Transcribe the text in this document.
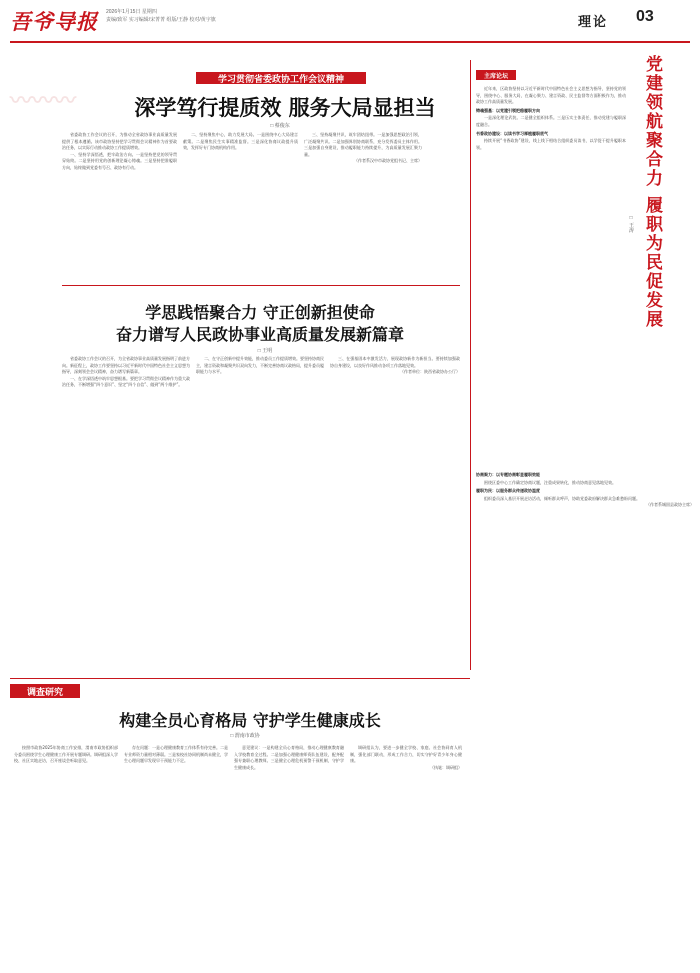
吾爷导报 2026年1月15日 星期四
责编/致军 实习编辑/宋菁菁 组版/王静 校对/黄宇旗	理论 03
学习贯彻省委政协工作会议精神
〰〰〰	深学笃行提质效 服务大局显担当
□ 蔡俊东

省委政协工作会议的召开，为推动全省政协事业高质量发展提供了根本遵循。该市政协坚持把学习贯彻会议精神作为首要政治任务，以实际行动推动政协工作提质增效。

一、坚持学深悟透，把牢政治方向。一是坚持把党的领导贯穿始终。二是坚持用党的创新理论凝心铸魂。三是坚持把准履职方向，始终做到党委有号召、政协有行动。

二、坚持聚焦中心，助力发展大局。一是围绕中心大局建言献策。二是聚焦民生实事精准监督。三是深化协商议政提升质效，发挥好专门协商机构作用。

三、坚持凝聚共识，筑牢团结纽带。一是加强思想政治引领，广泛凝聚共识。二是加强界别协商联系，充分发挥委员主体作用。三是加强自身建设，推动履职能力持续提升，为高质量发展汇聚力量。

（作者系汉中市政协党组书记、主席）

学思践悟聚合力 守正创新担使命
奋力谱写人民政协事业高质量发展新篇章
□ 王明

省委政协工作会议的召开，为全省政协事业高质量发展指明了前进方向。新征程上，政协工作要坚持以习近平新时代中国特色社会主义思想为指导，深刻领会会议精神，奋力谱写新篇章。

一、在学深悟透中筑牢思想根基。要把学习贯彻会议精神作为重大政治任务，不断增强“四个意识”、坚定“四个自信”、做到“两个维护”。

二、在守正创新中提升效能，推动委员工作提质增效。要坚持协商民主，建言资政和凝聚共识双向发力，不断完善协商议政格局，提升委员履职能力与水平。

三、在强基固本中激发活力，展现政协新作为新担当。要持续加强政协自身建设，以良好作风推动各项工作落地见效。

（作者单位：陕西省政协办公厅）

主席论坛	党建领航聚合力 履职为民促发展
□ 王涛

近年来，区政协坚持以习近平新时代中国特色社会主义思想为指导，坚持党的领导，围绕中心、服务大局，在凝心聚力、建言资政、民主监督等方面积极作为，推动政协工作高质量发展。

铸魂强基：以党建引领把稳履职方向

一是深化理论武装。二是健全组织体系。三是压实主体责任，推动党建与履职深度融合。

书香政协建设：以读书学习厚植履职底气

持续开展“书香政协”建设，线上线下相结合组织委员读书，以学促干提升履职本领。

协商聚力：以专题协商彰显履职效能

围绕区委中心工作确定协商议题，注重成果转化，推动协商意见落地见效。

履职为民：以服务群众传递政协温度

组织委员深入基层开展走访活动，倾听群众呼声，协助党委政府解决群众急难愁盼问题。

（作者系城固县政协主席）

调查研究
构建全员心育格局 守护学生健康成长
□ 渭南市政协

按照市政协2025年协商工作安排，渭南市政协组织部分委员围绕学生心理健康工作开展专题调研。调研组深入学校、社区实地走访，召开座谈会听取意见。

存在问题：一是心理健康教育工作体系有待完善。二是专业师资力量相对薄弱。三是家校社协同机制尚未健全，学生心理问题早发现早干预能力不足。

意见建议：一是构建全员心育格局，推动心理健康教育融入学校教育全过程。二是加强心理健康师资队伍建设，配齐配强专兼职心理教师。三是健全心理危机预警干预机制，守护学生健康成长。

调研组认为，要进一步健全学校、家庭、社会协同育人机制，强化部门联动，形成工作合力，切实守护好青少年身心健康。

（执笔：调研组）
